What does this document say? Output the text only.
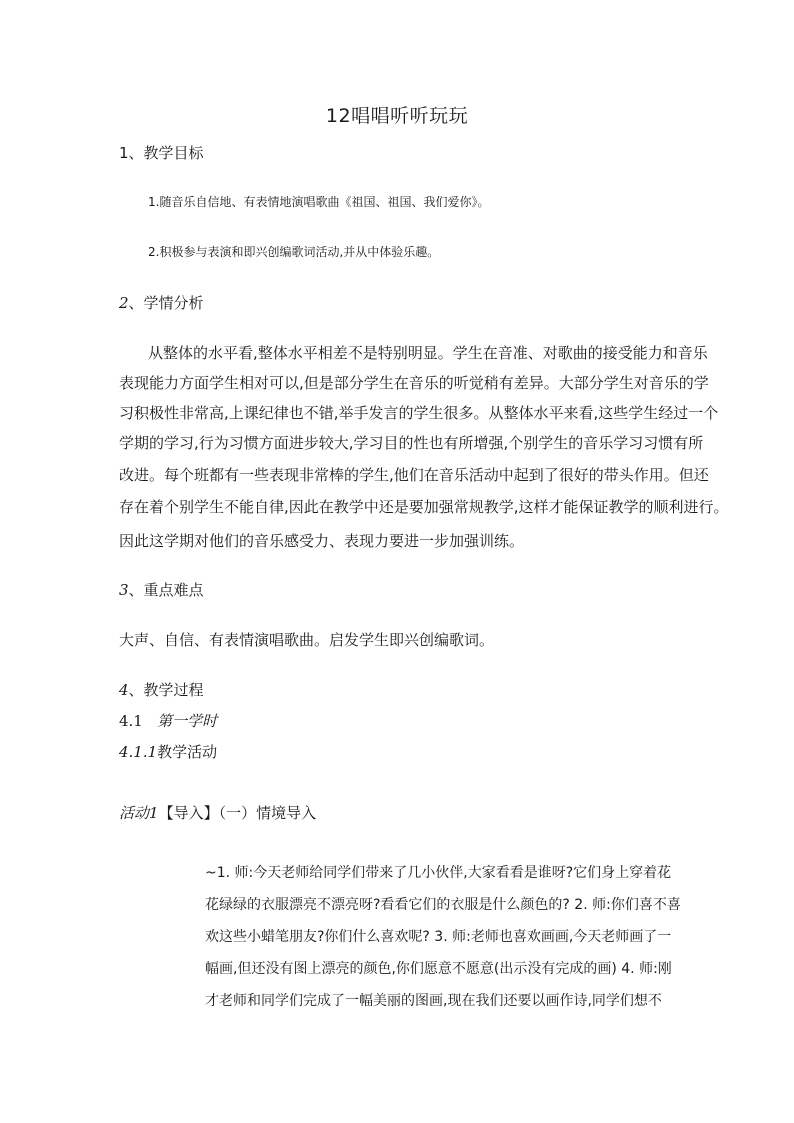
12唱唱听听玩玩
1、教学目标
1.随音乐自信地、有表情地演唱歌曲《祖国、祖国、我们爱你》。
2.积极参与表演和即兴创编歌词活动,并从中体验乐趣。
2、学情分析
从整体的水平看,整体水平相差不是特别明显。学生在音准、对歌曲的接受能力和音乐
表现能力方面学生相对可以,但是部分学生在音乐的听觉稍有差异。大部分学生对音乐的学
习积极性非常高,上课纪律也不错,举手发言的学生很多。从整体水平来看,这些学生经过一个
学期的学习,行为习惯方面进步较大,学习目的性也有所增强,个别学生的音乐学习习惯有所
改进。每个班都有一些表现非常棒的学生,他们在音乐活动中起到了很好的带头作用。但还
存在着个别学生不能自律,因此在教学中还是要加强常规教学,这样才能保证教学的顺利进行。
因此这学期对他们的音乐感受力、表现力要进一步加强训练。
3、重点难点
大声、自信、有表情演唱歌曲。启发学生即兴创编歌词。
4、教学过程
4.1 第一学时
4.1.1教学活动
活动1【导入】（一）情境导入
~1. 师:今天老师给同学们带来了几小伙伴,大家看看是谁呀?它们身上穿着花
花绿绿的衣服漂亮不漂亮呀?看看它们的衣服是什么颜色的? 2. 师:你们喜不喜
欢这些小蜡笔朋友?你们什么喜欢呢? 3. 师:老师也喜欢画画,今天老师画了一
幅画,但还没有图上漂亮的颜色,你们愿意不愿意(出示没有完成的画) 4. 师:刚
才老师和同学们完成了一幅美丽的图画,现在我们还要以画作诗,同学们想不
